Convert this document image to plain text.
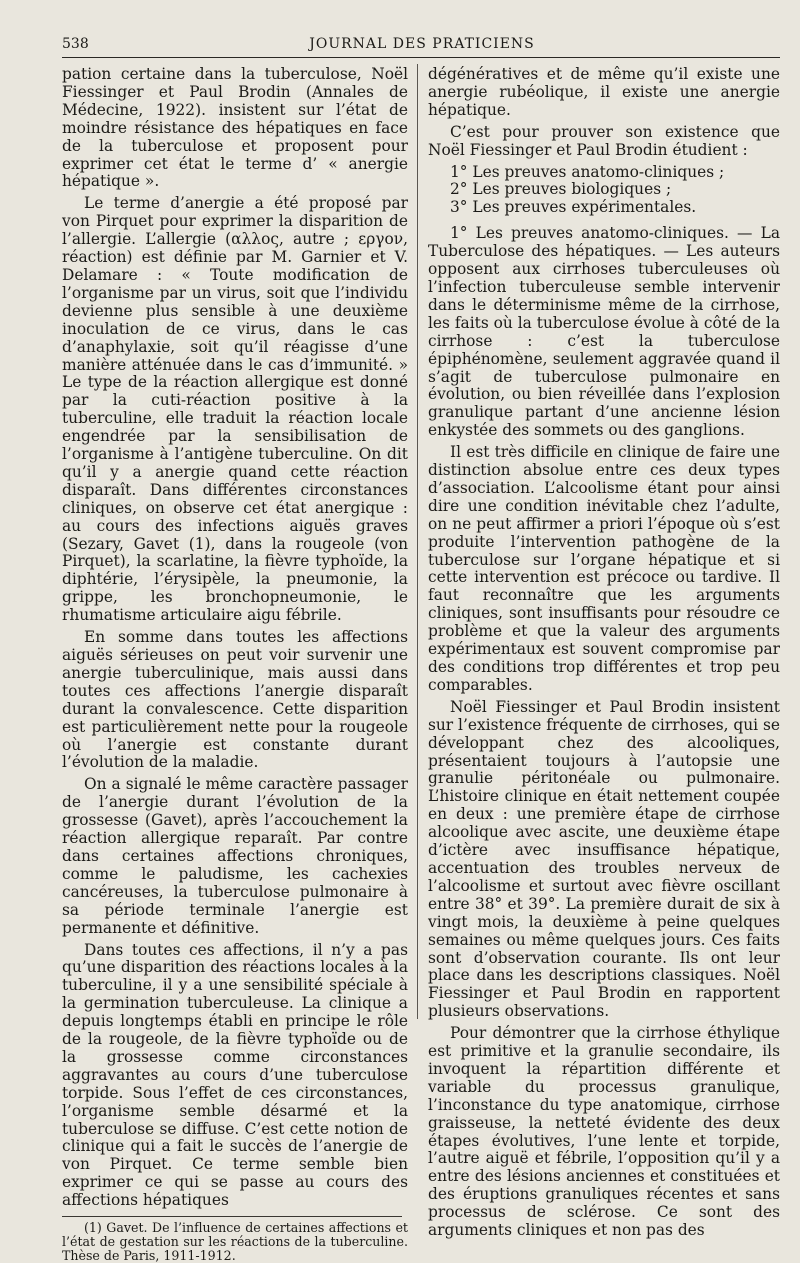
538	JOURNAL DES PRATICIENS

pation certaine dans la tuberculose, Noël Fiessinger et Paul Brodin (Annales de Médecine, 1922). insistent sur l’état de moindre résistance des hépatiques en face de la tuberculose et proposent pour exprimer cet état le terme d’ « anergie hépatique ».

Le terme d’anergie a été proposé par von Pirquet pour exprimer la disparition de l’allergie. L’allergie (αλλος, autre ; εργον, réaction) est définie par M. Garnier et V. Delamare : « Toute modification de l’organisme par un virus, soit que l’individu devienne plus sensible à une deuxième inoculation de ce virus, dans le cas d’anaphylaxie, soit qu’il réagisse d’une manière atténuée dans le cas d’immunité. » Le type de la réaction allergique est donné par la cuti-réaction positive à la tuberculine, elle traduit la réaction locale engendrée par la sensibilisation de l’organisme à l’antigène tuberculine. On dit qu’il y a anergie quand cette réaction disparaît. Dans différentes circonstances cliniques, on observe cet état anergique : au cours des infections aiguës graves (Sezary, Gavet (1), dans la rougeole (von Pirquet), la scarlatine, la fièvre typhoïde, la diphtérie, l’érysipèle, la pneumonie, la grippe, les bronchopneumonie, le rhumatisme articulaire aigu fébrile.

En somme dans toutes les affections aiguës sérieuses on peut voir survenir une anergie tuberculinique, mais aussi dans toutes ces affections l’anergie disparaît durant la convalescence. Cette disparition est particulièrement nette pour la rougeole où l’anergie est constante durant l’évolution de la maladie.

On a signalé le même caractère passager de l’anergie durant l’évolution de la grossesse (Gavet), après l’accouchement la réaction allergique reparaît. Par contre dans certaines affections chroniques, comme le paludisme, les cachexies cancéreuses, la tuberculose pulmonaire à sa période terminale l’anergie est permanente et définitive.

Dans toutes ces affections, il n’y a pas qu’une disparition des réactions locales à la tuberculine, il y a une sensibilité spéciale à la germination tuberculeuse. La clinique a depuis longtemps établi en principe le rôle de la rougeole, de la fièvre typhoïde ou de la grossesse comme circonstances aggravantes au cours d’une tuberculose torpide. Sous l’effet de ces circonstances, l’organisme semble désarmé et la tuberculose se diffuse. C’est cette notion de clinique qui a fait le succès de l’anergie de von Pirquet. Ce terme semble bien exprimer ce qui se passe au cours des affections hépatiques

(1) Gavet. De l’influence de certaines affections et l’état de gestation sur les réactions de la tuberculine. Thèse de Paris, 1911-1912.

dégénératives et de même qu’il existe une anergie rubéolique, il existe une anergie hépatique.

C’est pour prouver son existence que Noël Fiessinger et Paul Brodin étudient :

1° Les preuves anatomo-cliniques ;

2° Les preuves biologiques ;

3° Les preuves expérimentales.

1° Les preuves anatomo-cliniques. — La Tuberculose des hépatiques. — Les auteurs opposent aux cirrhoses tuberculeuses où l’infection tuberculeuse semble intervenir dans le déterminisme même de la cirrhose, les faits où la tuberculose évolue à côté de la cirrhose : c’est la tuberculose épiphénomène, seulement aggravée quand il s’agit de tuberculose pulmonaire en évolution, ou bien réveillée dans l’explosion granulique partant d’une ancienne lésion enkystée des sommets ou des ganglions.

Il est très difficile en clinique de faire une distinction absolue entre ces deux types d’association. L’alcoolisme étant pour ainsi dire une condition inévitable chez l’adulte, on ne peut affirmer a priori l’époque où s’est produite l’intervention pathogène de la tuberculose sur l’organe hépatique et si cette intervention est précoce ou tardive. Il faut reconnaître que les arguments cliniques, sont insuffisants pour résoudre ce problème et que la valeur des arguments expérimentaux est souvent compromise par des conditions trop différentes et trop peu comparables.

Noël Fiessinger et Paul Brodin insistent sur l’existence fréquente de cirrhoses, qui se développant chez des alcooliques, présentaient toujours à l’autopsie une granulie péritonéale ou pulmonaire. L’histoire clinique en était nettement coupée en deux : une première étape de cirrhose alcoolique avec ascite, une deuxième étape d’ictère avec insuffisance hépatique, accentuation des troubles nerveux de l’alcoolisme et surtout avec fièvre oscillant entre 38° et 39°. La première durait de six à vingt mois, la deuxième à peine quelques semaines ou même quelques jours. Ces faits sont d’observation courante. Ils ont leur place dans les descriptions classiques. Noël Fiessinger et Paul Brodin en rapportent plusieurs observations.

Pour démontrer que la cirrhose éthylique est primitive et la granulie secondaire, ils invoquent la répartition différente et variable du processus granulique, l’inconstance du type anatomique, cirrhose graisseuse, la netteté évidente des deux étapes évolutives, l’une lente et torpide, l’autre aiguë et fébrile, l’opposition qu’il y a entre des lésions anciennes et constituées et des éruptions granuliques récentes et sans processus de sclérose. Ce sont des arguments cliniques et non pas des
